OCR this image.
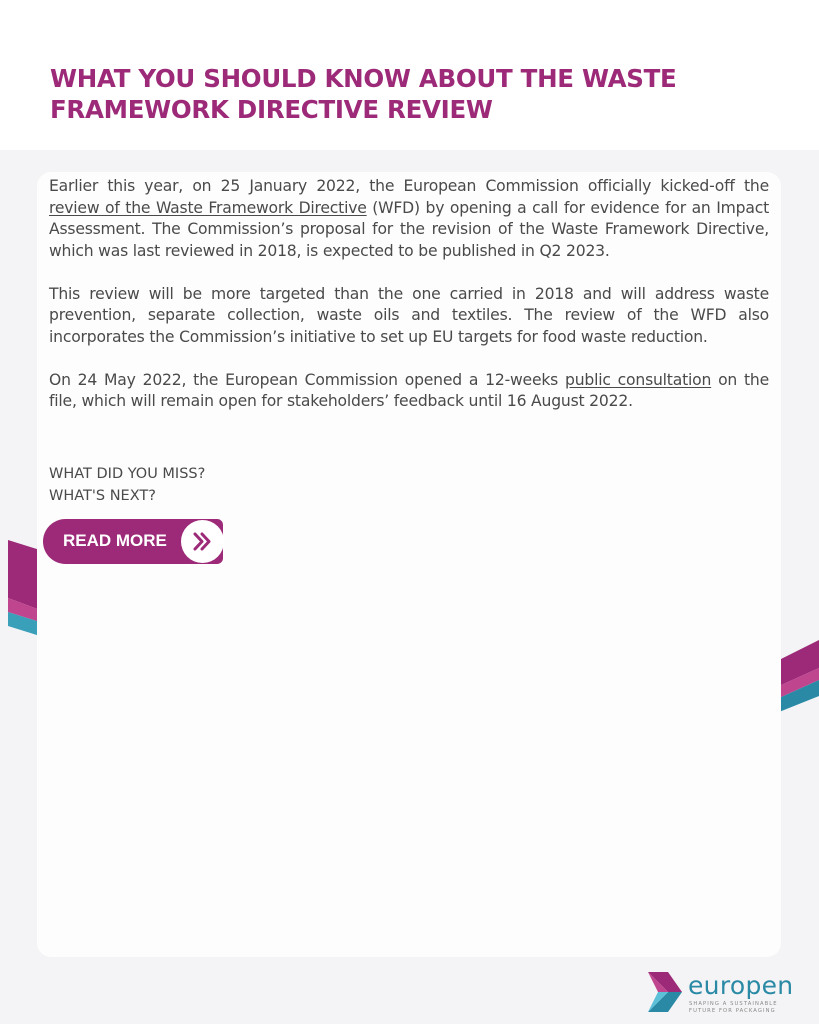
WHAT YOU SHOULD KNOW ABOUT THE WASTE FRAMEWORK DIRECTIVE REVIEW

Earlier this year, on 25 January 2022, the European Commission officially kicked-off the review of the Waste Framework Directive (WFD) by opening a call for evidence for an Impact Assessment. The Commission’s proposal for the revision of the Waste Framework Directive, which was last reviewed in 2018, is expected to be published in Q2 2023.

This review will be more targeted than the one carried in 2018 and will address waste prevention, separate collection, waste oils and textiles. The review of the WFD also incorporates the Commission’s initiative to set up EU targets for food waste reduction.

On 24 May 2022, the European Commission opened a 12-weeks public consultation on the file, which will remain open for stakeholders’ feedback until 16 August 2022.

WHAT DID YOU MISS?
WHAT'S NEXT?
READ MORE
europen
SHAPING A SUSTAINABLE
FUTURE FOR PACKAGING
